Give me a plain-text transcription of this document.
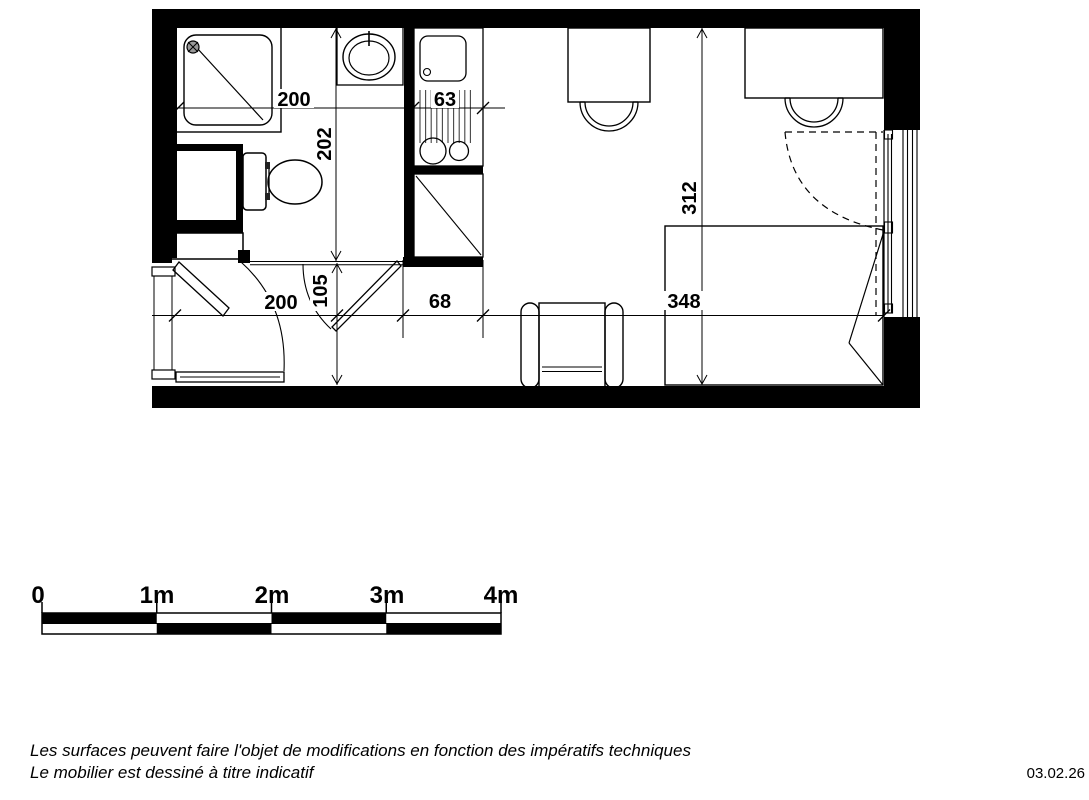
200	63
202
312
200 105	68	348
0	1m	2m	3m	4m
Les surfaces peuvent faire l'objet de modifications en fonction des impératifs techniques
Le mobilier est dessiné à titre indicatif	03.02.26
